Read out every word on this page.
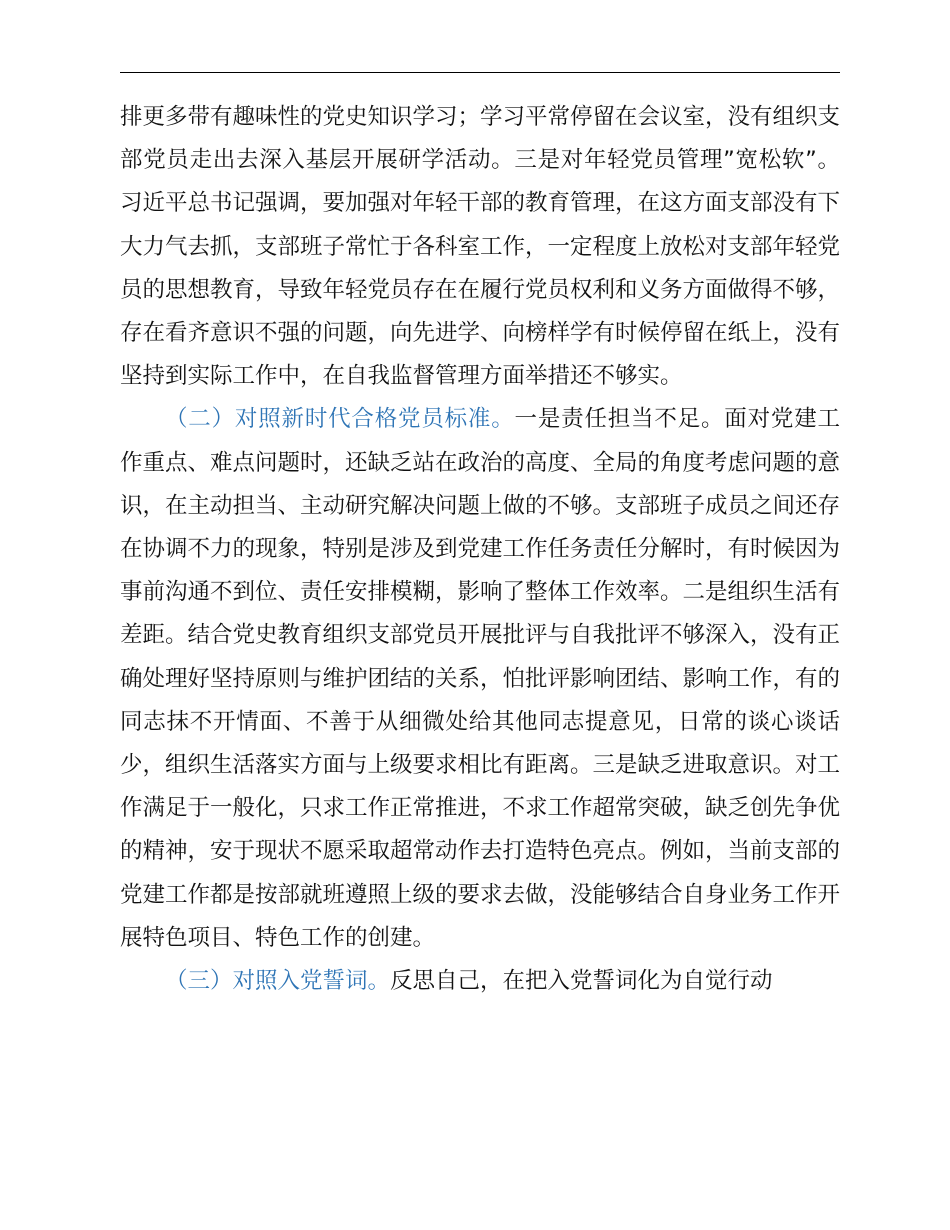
排更多带有趣味性的党史知识学习；学习平常停留在会议室，没有组织支部党员走出去深入基层开展研学活动。三是对年轻党员管理”宽松软”。习近平总书记强调，要加强对年轻干部的教育管理，在这方面支部没有下大力气去抓，支部班子常忙于各科室工作，一定程度上放松对支部年轻党员的思想教育，导致年轻党员存在在履行党员权利和义务方面做得不够，存在看齐意识不强的问题，向先进学、向榜样学有时候停留在纸上，没有坚持到实际工作中，在自我监督管理方面举措还不够实。

（二）对照新时代合格党员标准。一是责任担当不足。面对党建工作重点、难点问题时，还缺乏站在政治的高度、全局的角度考虑问题的意识，在主动担当、主动研究解决问题上做的不够。支部班子成员之间还存在协调不力的现象，特别是涉及到党建工作任务责任分解时，有时候因为事前沟通不到位、责任安排模糊，影响了整体工作效率。二是组织生活有差距。结合党史教育组织支部党员开展批评与自我批评不够深入，没有正确处理好坚持原则与维护团结的关系，怕批评影响团结、影响工作，有的同志抹不开情面、不善于从细微处给其他同志提意见，日常的谈心谈话少，组织生活落实方面与上级要求相比有距离。三是缺乏进取意识。对工作满足于一般化，只求工作正常推进，不求工作超常突破，缺乏创先争优的精神，安于现状不愿采取超常动作去打造特色亮点。例如，当前支部的党建工作都是按部就班遵照上级的要求去做，没能够结合自身业务工作开展特色项目、特色工作的创建。

（三）对照入党誓词。反思自己，在把入党誓词化为自觉行动
